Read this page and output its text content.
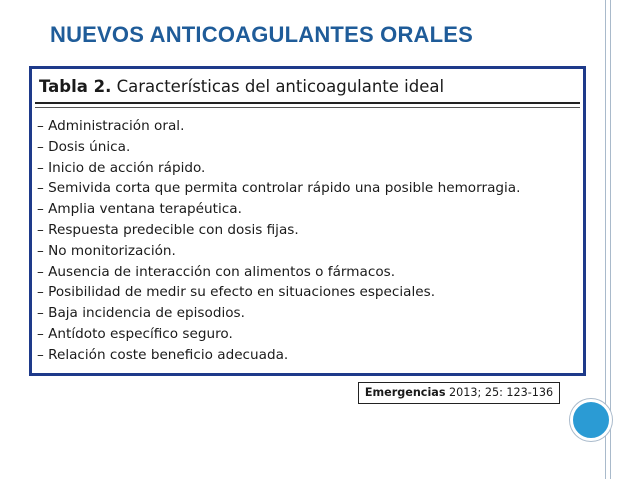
NUEVOS ANTICOAGULANTES ORALES
Tabla 2. Características del anticoagulante ideal
– Administración oral.
– Dosis única.
– Inicio de acción rápido.
– Semivida corta que permita controlar rápido una posible hemorragia.
– Amplia ventana terapéutica.
– Respuesta predecible con dosis fijas.
– No monitorización.
– Ausencia de interacción con alimentos o fármacos.
– Posibilidad de medir su efecto en situaciones especiales.
– Baja incidencia de episodios.
– Antídoto específico seguro.
– Relación coste beneficio adecuada.
Emergencias 2013; 25: 123-136
